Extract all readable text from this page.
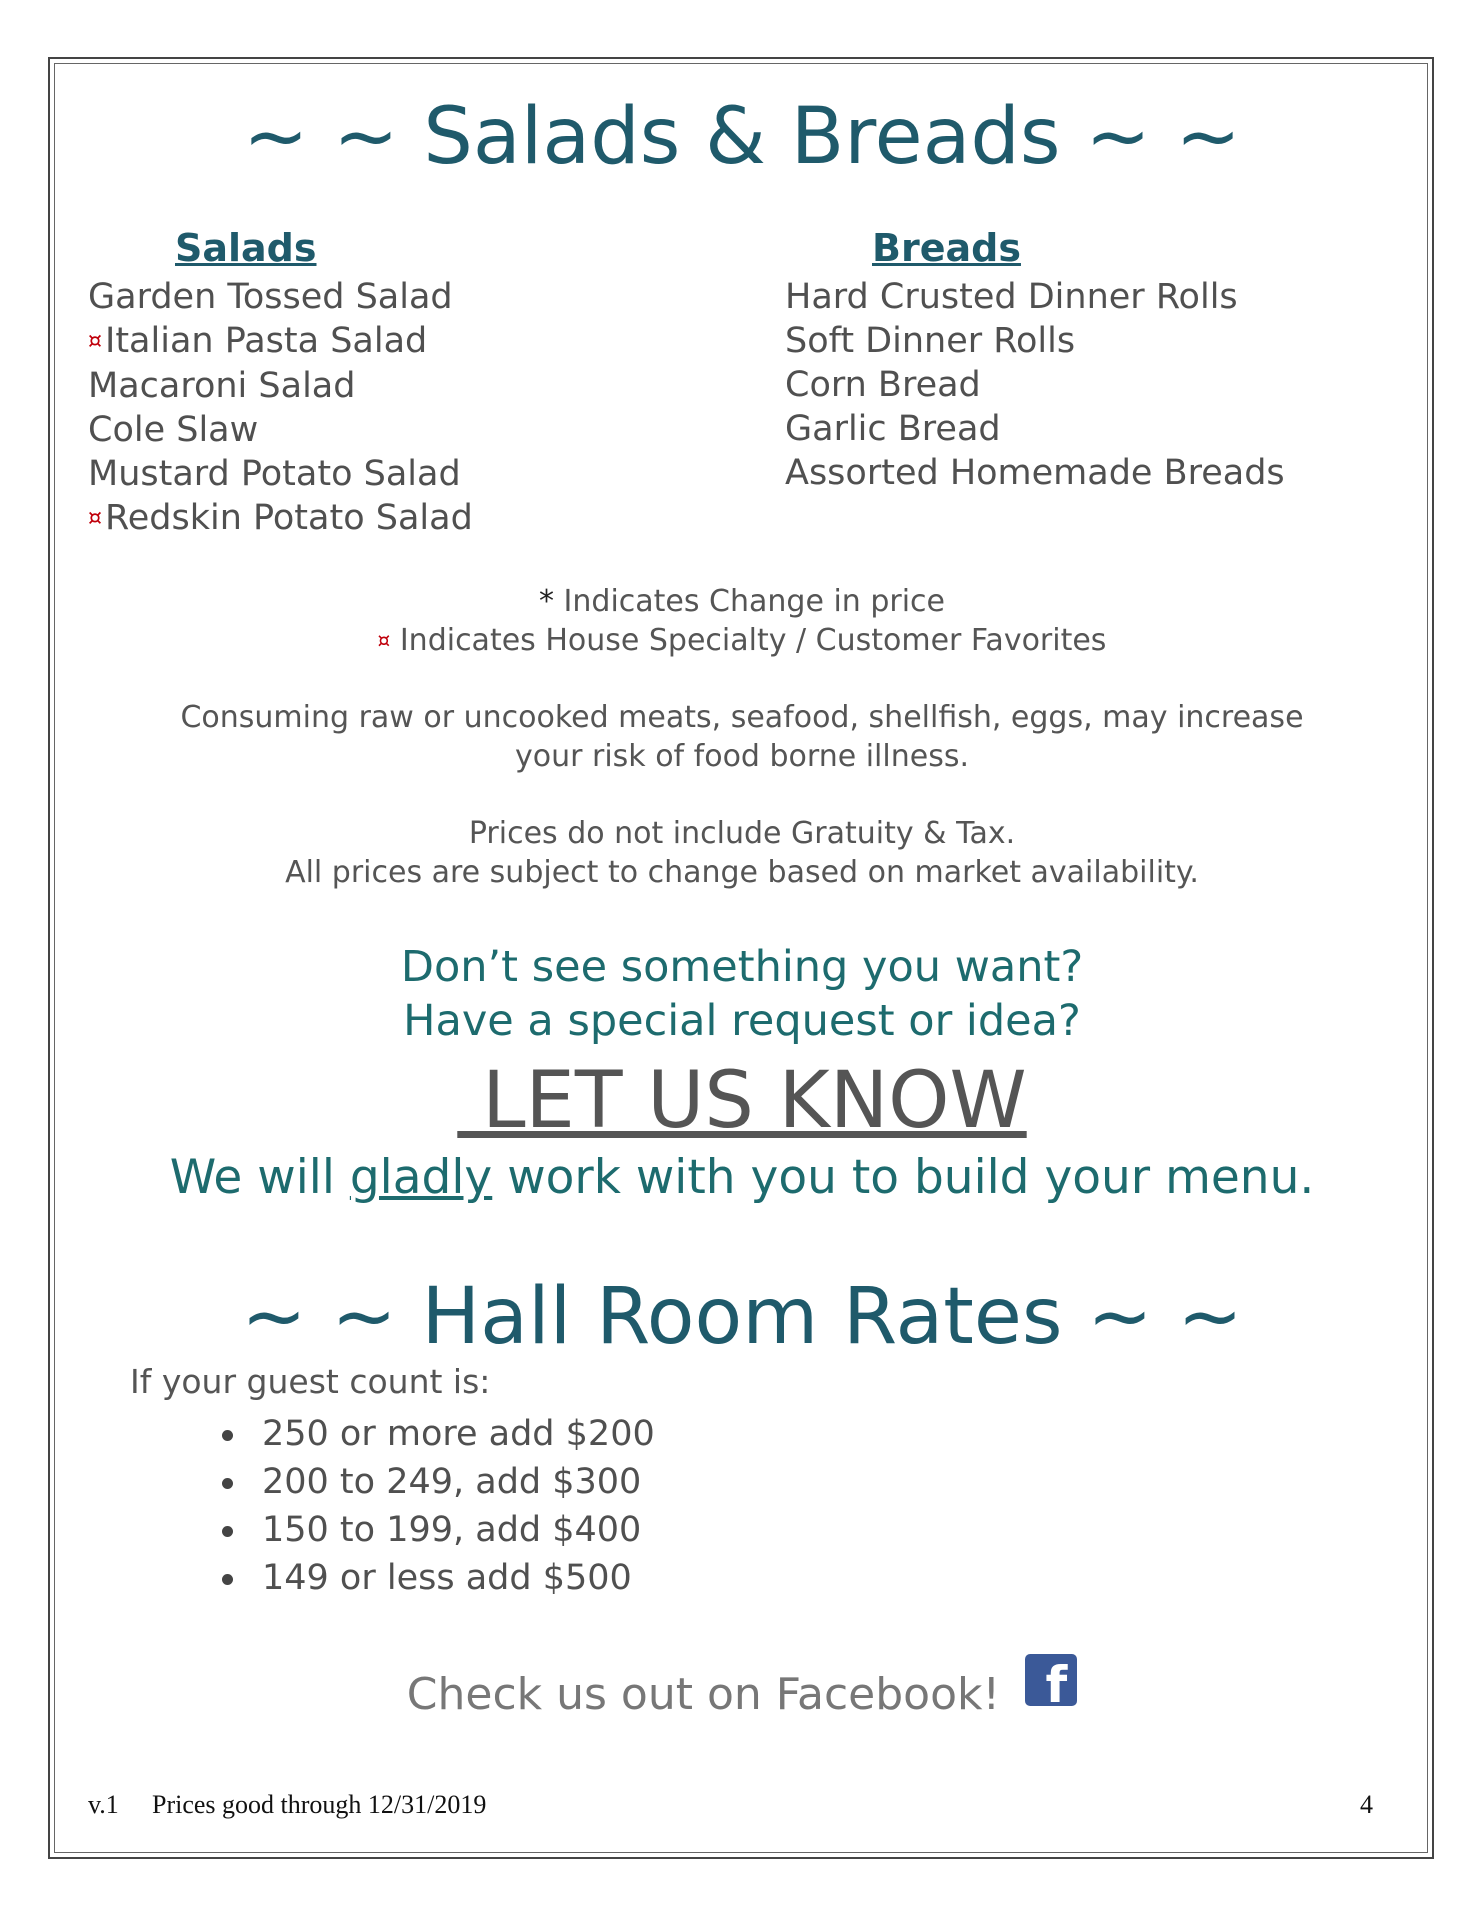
~ ~ Salads & Breads ~ ~
Salads
Garden Tossed Salad
¤Italian Pasta Salad
Macaroni Salad
Cole Slaw
Mustard Potato Salad
¤Redskin Potato Salad
Breads
Hard Crusted Dinner Rolls
Soft Dinner Rolls
Corn Bread
Garlic Bread
Assorted Homemade Breads

* Indicates Change in price

¤ Indicates House Specialty / Customer Favorites

Consuming raw or uncooked meats, seafood, shellfish, eggs, may increase

your risk of food borne illness.

Prices do not include Gratuity & Tax.

All prices are subject to change based on market availability.

Don’t see something you want?

Have a special request or idea?

LET US KNOW

We will gladly work with you to build your menu.

~ ~ Hall Room Rates ~ ~

If your guest count is:

250 or more add $200
200 to 249, add $300
150 to 199, add $400
149 or less add $500

Check us out on Facebook!

f

v.1 Prices good through 12/31/2019	4
